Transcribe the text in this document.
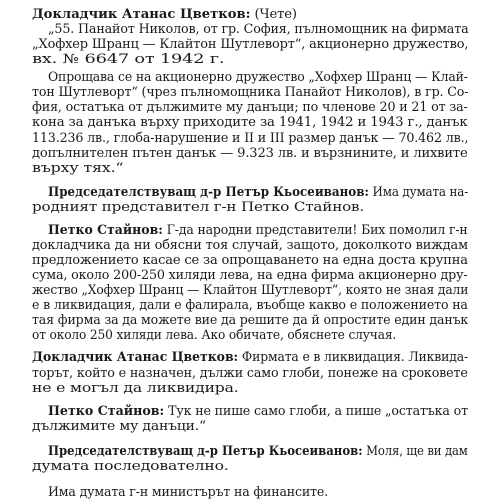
Докладчик Атанас Цветков: (Чете)
„55. Панайот Николов, от гр. София, пълномощник на фирмата
„Хофхер Шранц — Клайтон Шутлеворт“, акционерно дружество,
вх. № 6647 от 1942 г.
Опрощава се на акционерно дружество „Хофхер Шранц — Клай-
тон Шутлеворт“ (чрез пълномощника Панайот Николов), в гр. Со-
фия, остатъка от дължимите му данъци; по членове 20 и 21 от за-
кона за данъка върху приходите за 1941, 1942 и 1943 г., данък
113.236 лв., глоба-нарушение и II и III размер данък — 70.462 лв.,
допълнителен пътен данък — 9.323 лв. и вързнините, и лихвите
върху тях.“
Председателствуващ д-р Петър Кьосеиванов: Има думата на-
родният представител г-н Петко Стайнов.
Петко Стайнов: Г-да народни представители! Бих помолил г-н
докладчика да ни обясни тоя случай, защото, доколкото виждам
предложението касае се за опрощаването на една доста крупна
сума, около 200-250 хиляди лева, на една фирма акционерно дру-
жество „Хофхер Шранц — Клайтон Шутлеворт“, която не зная дали
е в ликвидация, дали е фалирала, въобще какво е положението на
тая фирма за да можете вие да решите да й опростите един данък
от около 250 хиляди лева. Ако обичате, обяснете случая.
Докладчик Атанас Цветков: Фирмата е в ликвидация. Ликвида-
торът, който е назначен, дължи само глоби, понеже на сроковете
не е могъл да ликвидира.
Петко Стайнов: Тук не пише само глоби, а пише „остатъка от
дължимите му данъци.“
Председателствуващ д-р Петър Кьосеиванов: Моля, ще ви дам
думата последователно.
Има думата г-н министърът на финансите.
